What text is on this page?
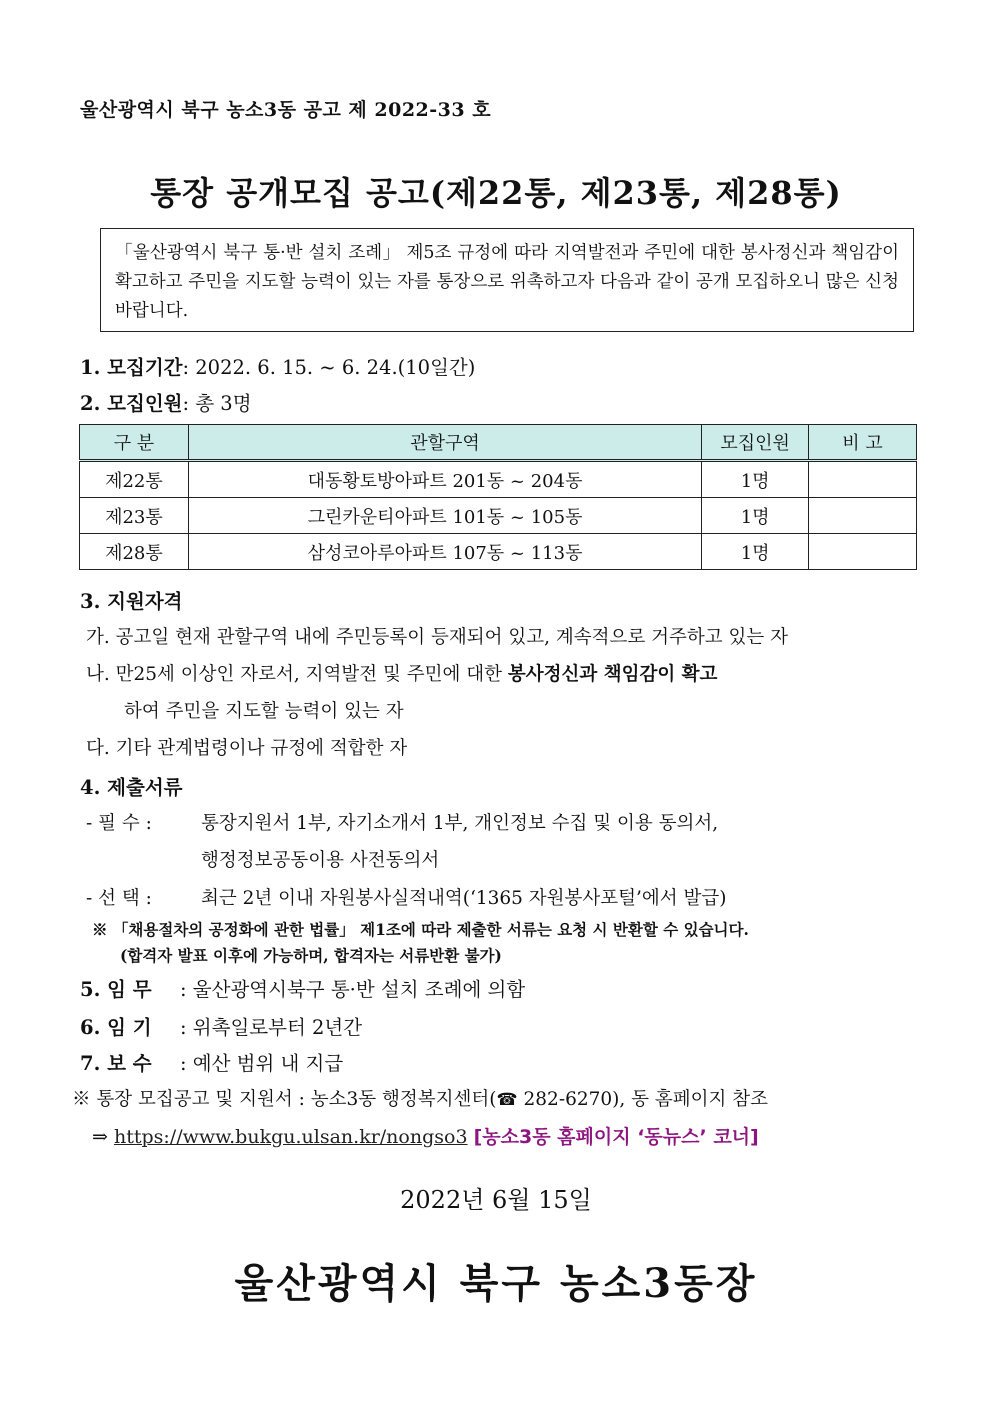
울산광역시 북구 농소3동 공고 제 2022-33 호
통장 공개모집 공고(제22통, 제23통, 제28통)
「울산광역시 북구 통·반 설치 조례」 제5조 규정에 따라 지역발전과 주민에 대한 봉사정신과 책임감이 확고하고 주민을 지도할 능력이 있는 자를 통장으로 위촉하고자 다음과 같이 공개 모집하오니 많은 신청바랍니다.
1. 모집기간: 2022. 6. 15. ~ 6. 24.(10일간)
2. 모집인원: 총 3명
구 분	관할구역	모집인원	비 고
제22통	대동황토방아파트 201동 ~ 204동	1명	
제23통	그린카운티아파트 101동 ~ 105동	1명	
제28통	삼성코아루아파트 107동 ~ 113동	1명	
3. 지원자격
가. 공고일 현재 관할구역 내에 주민등록이 등재되어 있고, 계속적으로 거주하고 있는 자
나. 만25세 이상인 자로서, 지역발전 및 주민에 대한 봉사정신과 책임감이 확고
하여 주민을 지도할 능력이 있는 자
다. 기타 관계법령이나 규정에 적합한 자
4. 제출서류
- 필 수 :	통장지원서 1부, 자기소개서 1부, 개인정보 수집 및 이용 동의서,
행정정보공동이용 사전동의서
- 선 택 :	최근 2년 이내 자원봉사실적내역(‘1365 자원봉사포털’에서 발급)
※ 「채용절차의 공정화에 관한 법률」 제1조에 따라 제출한 서류는 요청 시 반환할 수 있습니다.
(합격자 발표 이후에 가능하며, 합격자는 서류반환 불가)
5. 임 무 : 울산광역시북구 통·반 설치 조례에 의함
6. 임 기 : 위촉일로부터 2년간
7. 보 수 : 예산 범위 내 지급
※ 통장 모집공고 및 지원서 : 농소3동 행정복지센터(☎ 282-6270), 동 홈페이지 참조
⇒ https://www.bukgu.ulsan.kr/nongso3 [농소3동 홈페이지 ‘동뉴스’ 코너]
2022년 6월 15일
울산광역시 북구 농소3동장
